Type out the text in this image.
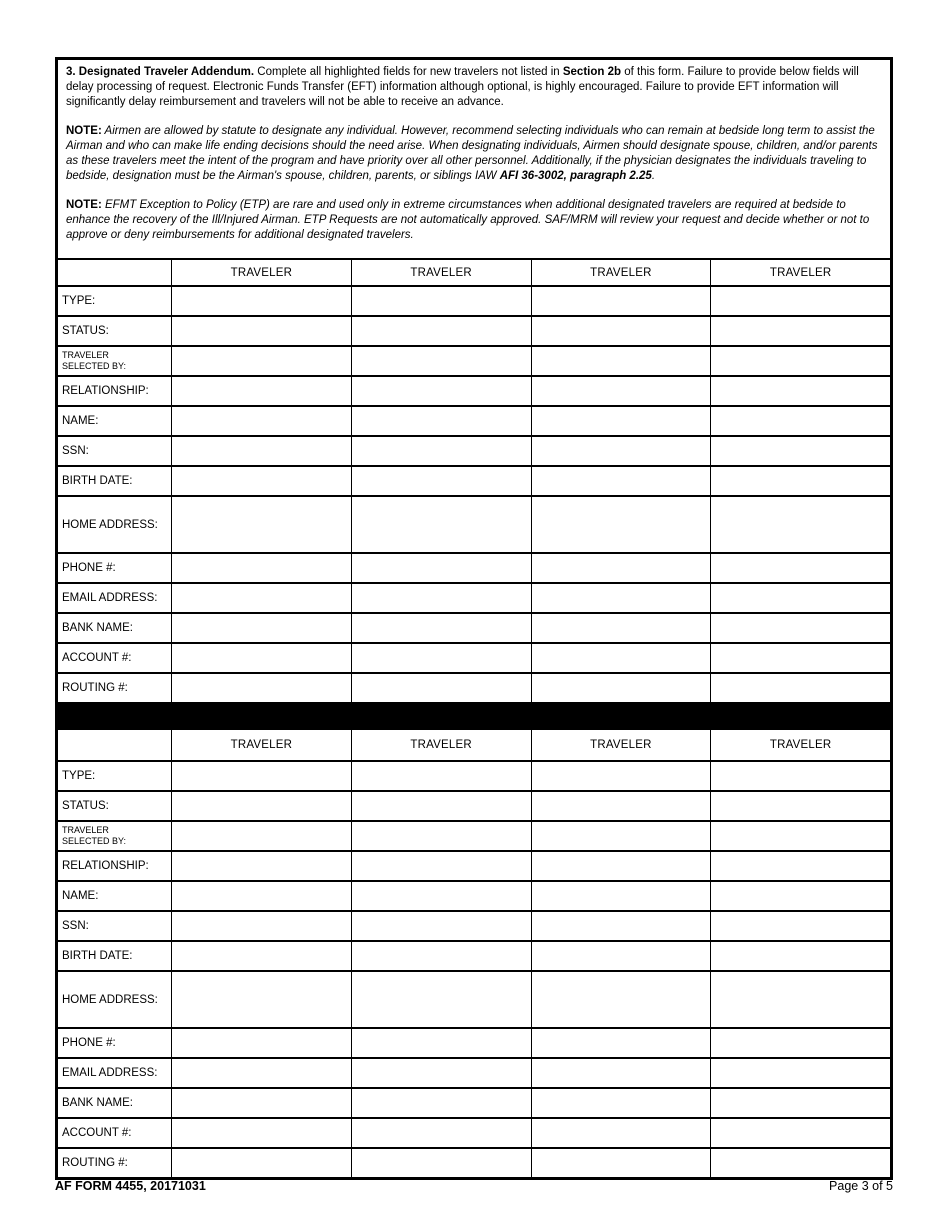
3. Designated Traveler Addendum. Complete all highlighted fields for new travelers not listed in Section 2b of this form. Failure to provide below fields will delay processing of request. Electronic Funds Transfer (EFT) information although optional, is highly encouraged. Failure to provide EFT information will significantly delay reimbursement and travelers will not be able to receive an advance.

NOTE: Airmen are allowed by statute to designate any individual. However, recommend selecting individuals who can remain at bedside long term to assist the Airman and who can make life ending decisions should the need arise. When designating individuals, Airmen should designate spouse, children, and/or parents as these travelers meet the intent of the program and have priority over all other personnel. Additionally, if the physician designates the individuals traveling to bedside, designation must be the Airman's spouse, children, parents, or siblings IAW AFI 36-3002, paragraph 2.25.

NOTE: EFMT Exception to Policy (ETP) are rare and used only in extreme circumstances when additional designated travelers are required at bedside to enhance the recovery of the Ill/Injured Airman. ETP Requests are not automatically approved. SAF/MRM will review your request and decide whether or not to approve or deny reimbursements for additional designated travelers.

TRAVELER	TRAVELER	TRAVELER	TRAVELER
TYPE:
STATUS:
TRAVELER SELECTED BY:
RELATIONSHIP:
NAME:
SSN:
BIRTH DATE:
HOME ADDRESS:
PHONE #:
EMAIL ADDRESS:
BANK NAME:
ACCOUNT #:
ROUTING #:
TRAVELER	TRAVELER	TRAVELER	TRAVELER
TYPE:
STATUS:
TRAVELER SELECTED BY:
RELATIONSHIP:
NAME:
SSN:
BIRTH DATE:
HOME ADDRESS:
PHONE #:
EMAIL ADDRESS:
BANK NAME:
ACCOUNT #:
ROUTING #:
AF FORM 4455, 20171031	Page 3 of 5
